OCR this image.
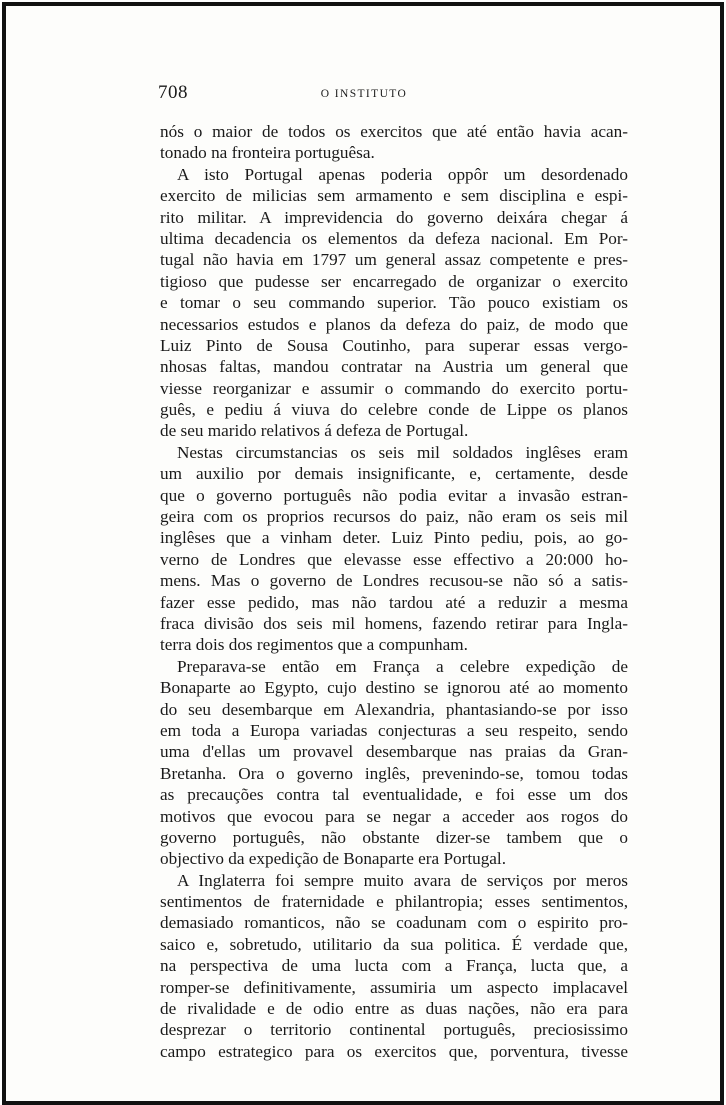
708	O INSTITUTO
nós o maior de todos os exercitos que até então havia acan-
tonado na fronteira portuguêsa.
A isto Portugal apenas poderia oppôr um desordenado
exercito de milicias sem armamento e sem disciplina e espi-
rito militar. A imprevidencia do governo deixára chegar á
ultima decadencia os elementos da defeza nacional. Em Por-
tugal não havia em 1797 um general assaz competente e pres-
tigioso que pudesse ser encarregado de organizar o exercito
e tomar o seu commando superior. Tão pouco existiam os
necessarios estudos e planos da defeza do paiz, de modo que
Luiz Pinto de Sousa Coutinho, para superar essas vergo-
nhosas faltas, mandou contratar na Austria um general que
viesse reorganizar e assumir o commando do exercito portu-
guês, e pediu á viuva do celebre conde de Lippe os planos
de seu marido relativos á defeza de Portugal.
Nestas circumstancias os seis mil soldados inglêses eram
um auxilio por demais insignificante, e, certamente, desde
que o governo português não podia evitar a invasão estran-
geira com os proprios recursos do paiz, não eram os seis mil
inglêses que a vinham deter. Luiz Pinto pediu, pois, ao go-
verno de Londres que elevasse esse effectivo a 20:000 ho-
mens. Mas o governo de Londres recusou-se não só a satis-
fazer esse pedido, mas não tardou até a reduzir a mesma
fraca divisão dos seis mil homens, fazendo retirar para Ingla-
terra dois dos regimentos que a compunham.
Preparava-se então em França a celebre expedição de
Bonaparte ao Egypto, cujo destino se ignorou até ao momento
do seu desembarque em Alexandria, phantasiando-se por isso
em toda a Europa variadas conjecturas a seu respeito, sendo
uma d'ellas um provavel desembarque nas praias da Gran-
Bretanha. Ora o governo inglês, prevenindo-se, tomou todas
as precauções contra tal eventualidade, e foi esse um dos
motivos que evocou para se negar a acceder aos rogos do
governo português, não obstante dizer-se tambem que o
objectivo da expedição de Bonaparte era Portugal.
A Inglaterra foi sempre muito avara de serviços por meros
sentimentos de fraternidade e philantropia; esses sentimentos,
demasiado romanticos, não se coadunam com o espirito pro-
saico e, sobretudo, utilitario da sua politica. É verdade que,
na perspectiva de uma lucta com a França, lucta que, a
romper-se definitivamente, assumiria um aspecto implacavel
de rivalidade e de odio entre as duas nações, não era para
desprezar o territorio continental português, preciosissimo
campo estrategico para os exercitos que, porventura, tivesse
